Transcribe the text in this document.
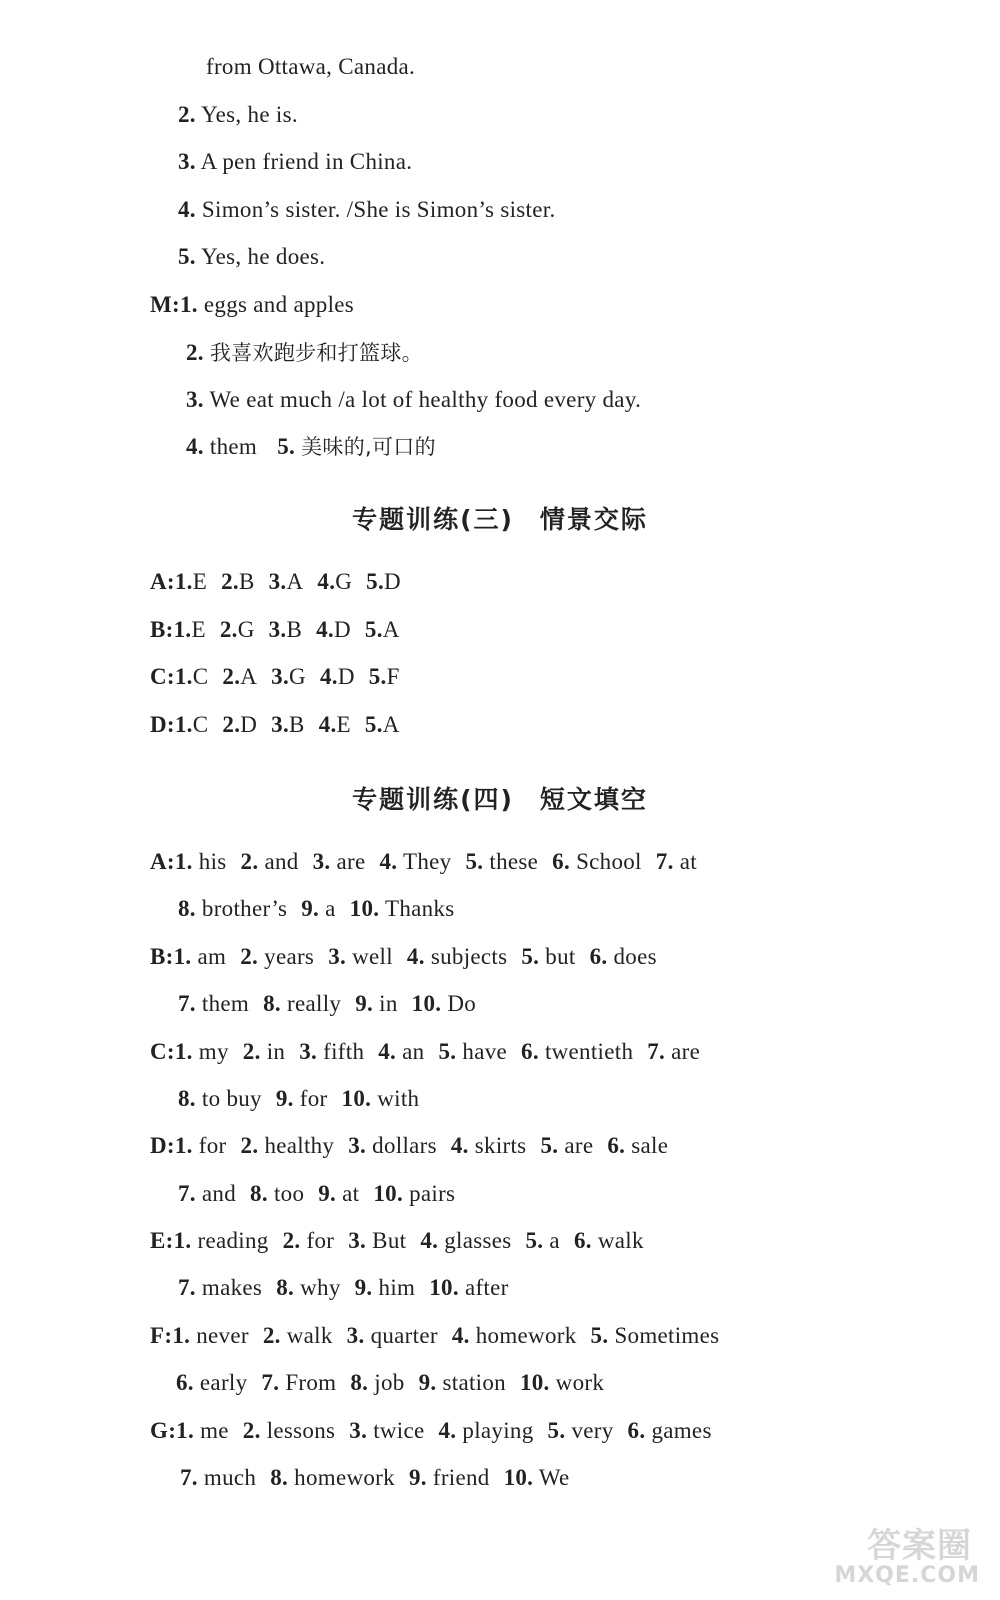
from Ottawa, Canada.
2. Yes, he is.
3. A pen friend in China.
4. Simon’s sister. /She is Simon’s sister.
5. Yes, he does.
M:1. eggs and apples
2. 我喜欢跑步和打篮球。
3. We eat much /a lot of healthy food every day.
4. them 5. 美味的,可口的
专题训练(三) 情景交际
A:1.E 2.B 3.A 4.G 5.D
B:1.E 2.G 3.B 4.D 5.A
C:1.C 2.A 3.G 4.D 5.F
D:1.C 2.D 3.B 4.E 5.A
专题训练(四) 短文填空
A:1. his 2. and 3. are 4. They 5. these 6. School 7. at
8. brother’s 9. a 10. Thanks
B:1. am 2. years 3. well 4. subjects 5. but 6. does
7. them 8. really 9. in 10. Do
C:1. my 2. in 3. fifth 4. an 5. have 6. twentieth 7. are
8. to buy 9. for 10. with
D:1. for 2. healthy 3. dollars 4. skirts 5. are 6. sale
7. and 8. too 9. at 10. pairs
E:1. reading 2. for 3. But 4. glasses 5. a 6. walk
7. makes 8. why 9. him 10. after
F:1. never 2. walk 3. quarter 4. homework 5. Sometimes
6. early 7. From 8. job 9. station 10. work
G:1. me 2. lessons 3. twice 4. playing 5. very 6. games
7. much 8. homework 9. friend 10. We
答案圈
MXQE.COM
